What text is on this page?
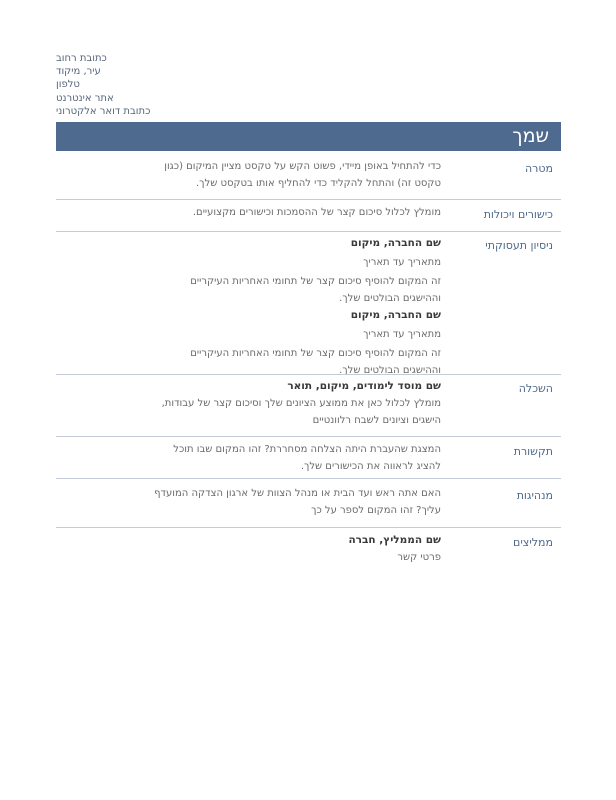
כתובת רחוב
עיר, מיקוד
טלפון
אתר אינטרנט
כתובת דואר אלקטרוני
שמך
מטרה
כדי להתחיל באופן מיידי, פשוט הקש על טקסט מציין המיקום (כגון
טקסט זה) והתחל להקליד כדי להחליף אותו בטקסט שלך.
כישורים ויכולות
מומלץ לכלול סיכום קצר של ההסמכות וכישורים מקצועיים.
ניסיון תעסוקתי
שם החברה, מיקום
מתאריך עד תאריך
זה המקום להוסיף סיכום קצר של תחומי האחריות העיקריים
וההישגים הבולטים שלך.
שם החברה, מיקום
מתאריך עד תאריך
זה המקום להוסיף סיכום קצר של תחומי האחריות העיקריים
וההישגים הבולטים שלך.
השכלה
שם מוסד לימודים, מיקום, תואר
מומלץ לכלול כאן את ממוצע הציונים שלך וסיכום קצר של עבודות,
הישגים וציונים לשבח רלוונטיים
תקשורת
המצגת שהעברת היתה הצלחה מסחררת? זהו המקום שבו תוכל
להציג לראווה את הכישורים שלך.
מנהיגות
האם אתה ראש ועד הבית או מנהל הצוות של ארגון הצדקה המועדף
עליך? זהו המקום לספר על כך
ממליצים
שם הממליץ, חברה
פרטי קשר
